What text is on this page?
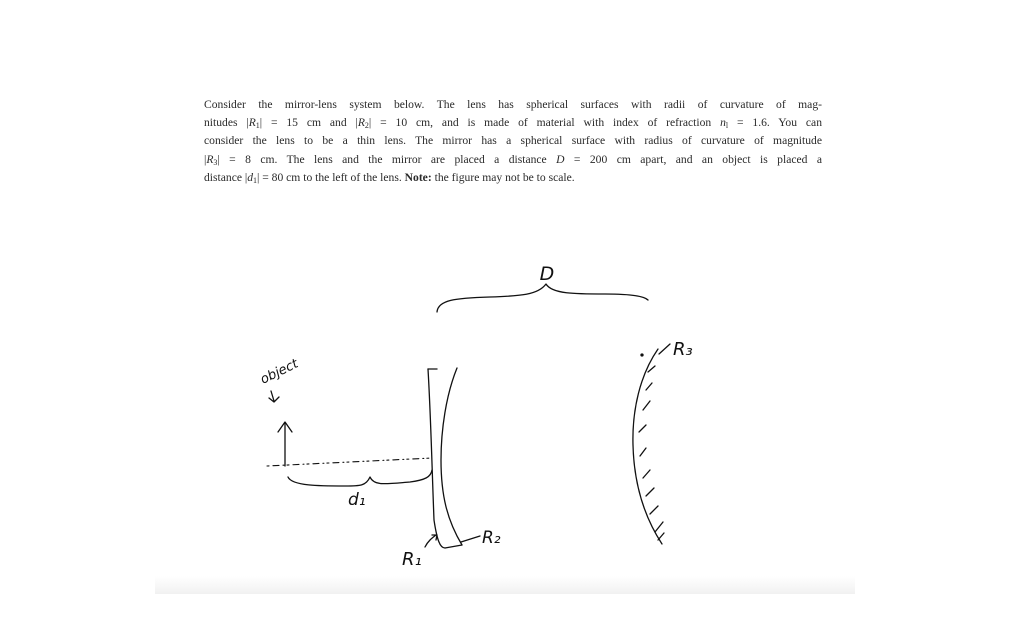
Consider the mirror-lens system below. The lens has spherical surfaces with radii of curvature of mag-
nitudes $|R_1| = 15$ cm and $|R_2| = 10$ cm, and is made of material with index of refraction $n_l = 1.6$. You can
consider the lens to be a thin lens. The mirror has a spherical surface with radius of curvature of magnitude
$|R_3| = 8$ cm. The lens and the mirror are placed a distance D = 200 cm apart, and an object is placed a
distance $|d_1| = 80$ cm to the left of the lens. Note: the figure may not be to scale.
D
R₃
object
d₁
R₁
R₂
